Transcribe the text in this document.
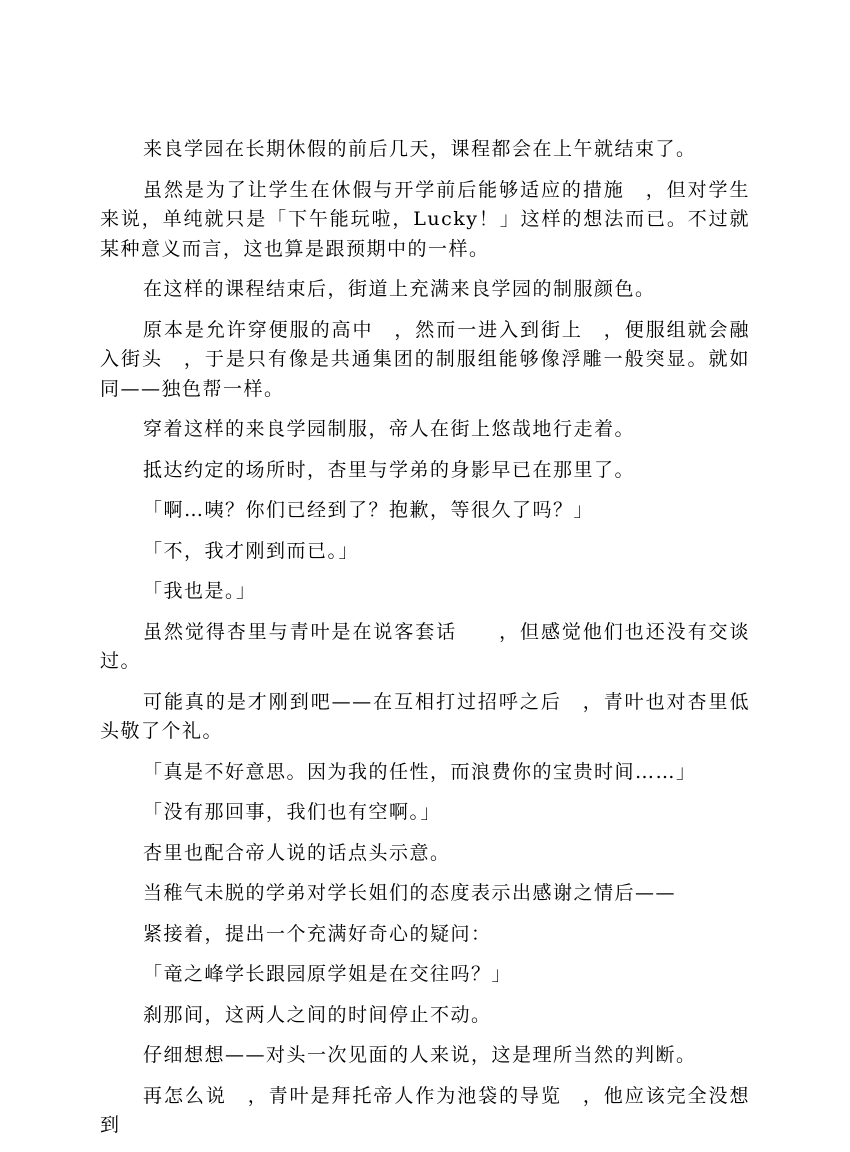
来良学园在长期休假的前后几天，课程都会在上午就结束了。

虽然是为了让学生在休假与开学前后能够适应的措施　，但对学生来说，单纯就只是「下午能玩啦，Lucky！」这样的想法而已。不过就某种意义而言，这也算是跟预期中的一样。

在这样的课程结束后，街道上充满来良学园的制服颜色。

原本是允许穿便服的高中　，然而一进入到街上　，便服组就会融入街头　，于是只有像是共通集团的制服组能够像浮雕一般突显。就如同——独色帮一样。

穿着这样的来良学园制服，帝人在街上悠哉地行走着。

抵达约定的场所时，杏里与学弟的身影早已在那里了。

「啊…咦？你们已经到了？抱歉，等很久了吗？」

「不，我才刚到而已。」

「我也是。」

虽然觉得杏里与青叶是在说客套话　　，但感觉他们也还没有交谈过。

可能真的是才刚到吧——在互相打过招呼之后　，青叶也对杏里低头敬了个礼。

「真是不好意思。因为我的任性，而浪费你的宝贵时间……」

「没有那回事，我们也有空啊。」

杏里也配合帝人说的话点头示意。

当稚气未脱的学弟对学长姐们的态度表示出感谢之情后——

紧接着，提出一个充满好奇心的疑问：

「竜之峰学长跟园原学姐是在交往吗？」

刹那间，这两人之间的时间停止不动。

仔细想想——对头一次见面的人来说，这是理所当然的判断。

再怎么说　，青叶是拜托帝人作为池袋的导览　，他应该完全没想到
